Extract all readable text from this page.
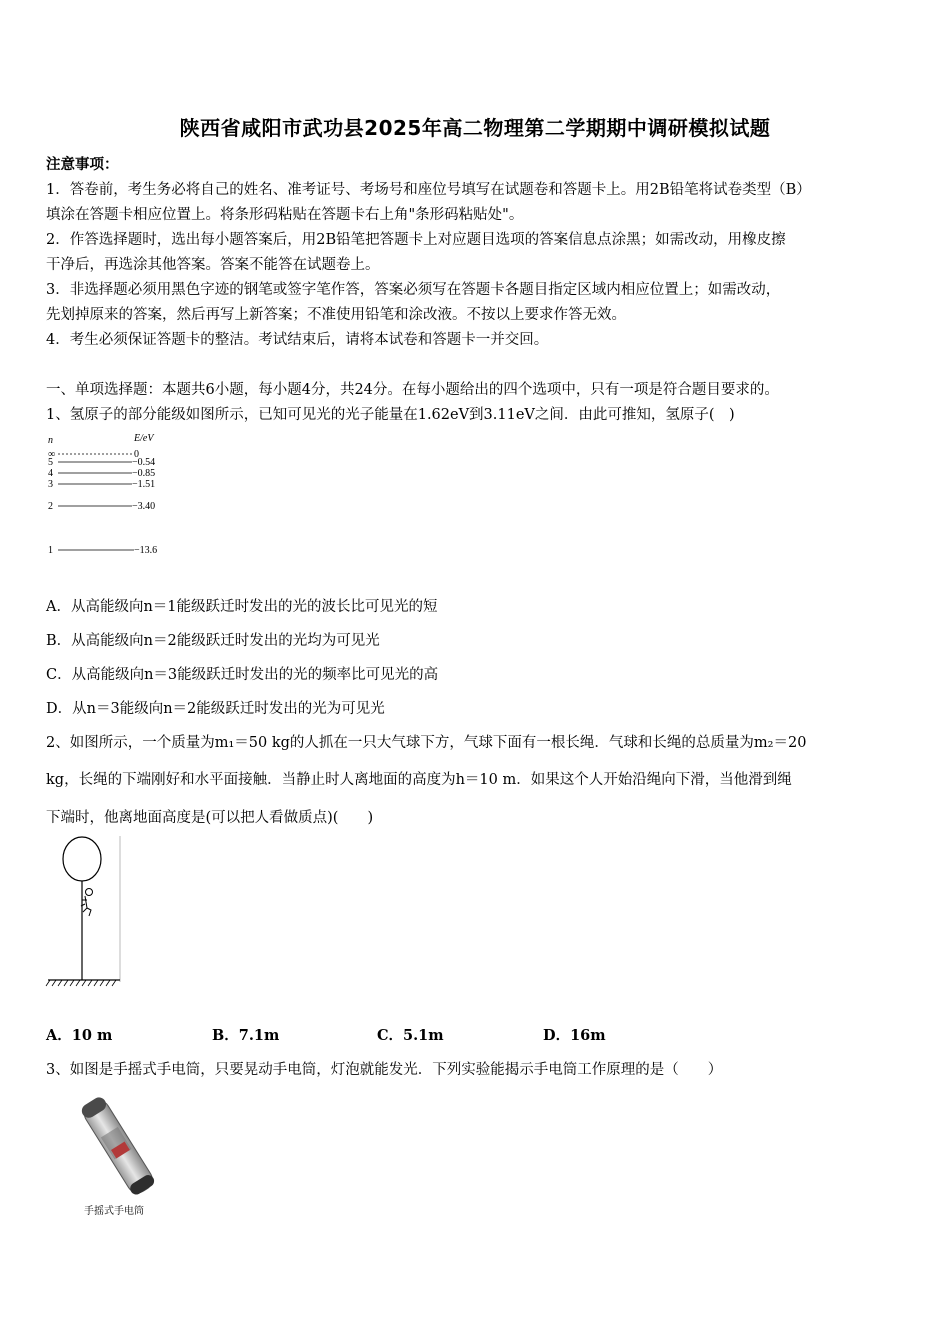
陕西省咸阳市武功县2025年高二物理第二学期期中调研模拟试题
注意事项：
1．答卷前，考生务必将自己的姓名、准考证号、考场号和座位号填写在试题卷和答题卡上。用2B铅笔将试卷类型（B）
填涂在答题卡相应位置上。将条形码粘贴在答题卡右上角"条形码粘贴处"。
2．作答选择题时，选出每小题答案后，用2B铅笔把答题卡上对应题目选项的答案信息点涂黑；如需改动，用橡皮擦
干净后，再选涂其他答案。答案不能答在试题卷上。
3．非选择题必须用黑色字迹的钢笔或签字笔作答，答案必须写在答题卡各题目指定区域内相应位置上；如需改动，
先划掉原来的答案，然后再写上新答案；不准使用铅笔和涂改液。不按以上要求作答无效。
4．考生必须保证答题卡的整洁。考试结束后，请将本试卷和答题卡一并交回。
一、单项选择题：本题共6小题，每小题4分，共24分。在每小题给出的四个选项中，只有一项是符合题目要求的。
1、氢原子的部分能级如图所示，已知可见光的光子能量在1.62eV到3.11eV之间．由此可推知，氢原子(　)
n	E/eV
∞	0
5	−0.54
4	−0.85
3	−1.51
2	−3.40
1	−13.6
A．从高能级向n＝1能级跃迁时发出的光的波长比可见光的短
B．从高能级向n＝2能级跃迁时发出的光均为可见光
C．从高能级向n＝3能级跃迁时发出的光的频率比可见光的高
D．从n＝3能级向n＝2能级跃迁时发出的光为可见光
2、如图所示，一个质量为m₁＝50 kg的人抓在一只大气球下方，气球下面有一根长绳．气球和长绳的总质量为m₂＝20
kg，长绳的下端刚好和水平面接触．当静止时人离地面的高度为h＝10 m．如果这个人开始沿绳向下滑，当他滑到绳
下端时，他离地面高度是(可以把人看做质点)(　　)
A．10 m	B．7.1m	C．5.1m	D．16m
3、如图是手摇式手电筒，只要晃动手电筒，灯泡就能发光．下列实验能揭示手电筒工作原理的是（　　）
手摇式手电筒
